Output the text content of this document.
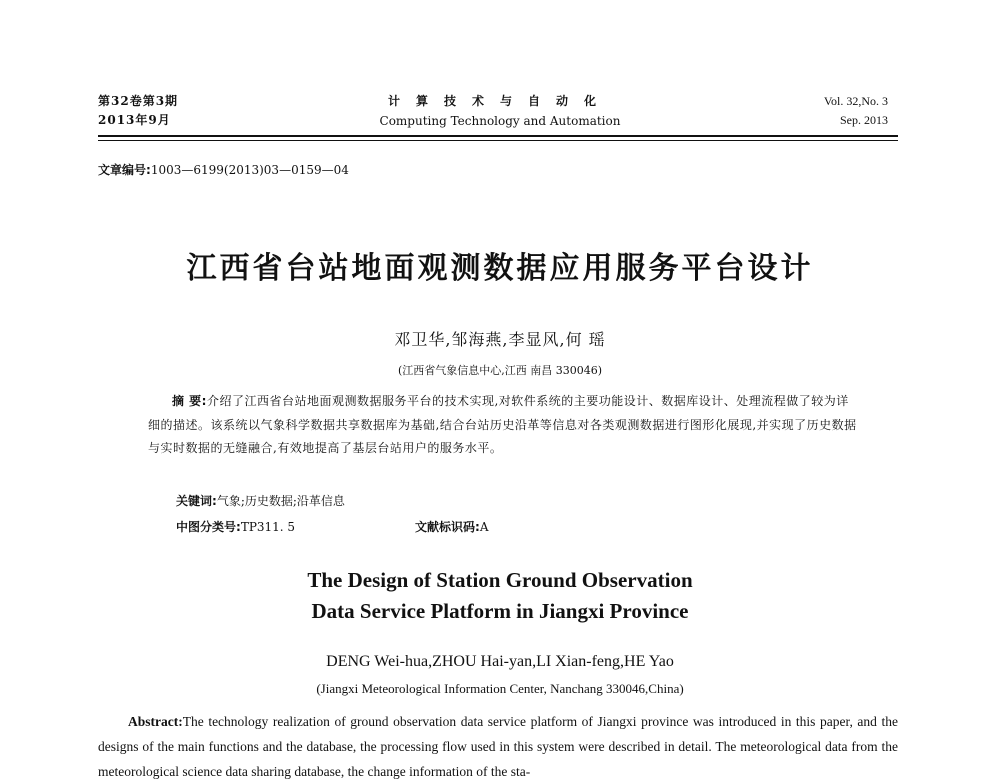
第32卷第3期
2013年9月
计算技术与自动化
Computing Technology and Automation
Vol. 32,No. 3
Sep. 2013
文章编号:1003—6199(2013)03—0159—04
江西省台站地面观测数据应用服务平台设计
邓卫华,邹海燕,李显风,何 瑶
(江西省气象信息中心,江西 南昌 330046)
摘 要:介绍了江西省台站地面观测数据服务平台的技术实现,对软件系统的主要功能设计、数据库设计、处理流程做了较为详细的描述。该系统以气象科学数据共享数据库为基础,结合台站历史沿革等信息对各类观测数据进行图形化展现,并实现了历史数据与实时数据的无缝融合,有效地提高了基层台站用户的服务水平。
关键词:气象;历史数据;沿革信息
中图分类号:TP311. 5	文献标识码:A
The Design of Station Ground Observation
Data Service Platform in Jiangxi Province
DENG Wei-hua,ZHOU Hai-yan,LI Xian-feng,HE Yao
(Jiangxi Meteorological Information Center, Nanchang 330046,China)
Abstract:The technology realization of ground observation data service platform of Jiangxi province was introduced in this paper, and the designs of the main functions and the database, the processing flow used in this system were described in detail. The meteorological data from the meteorological science data sharing database, the change information of the sta-
